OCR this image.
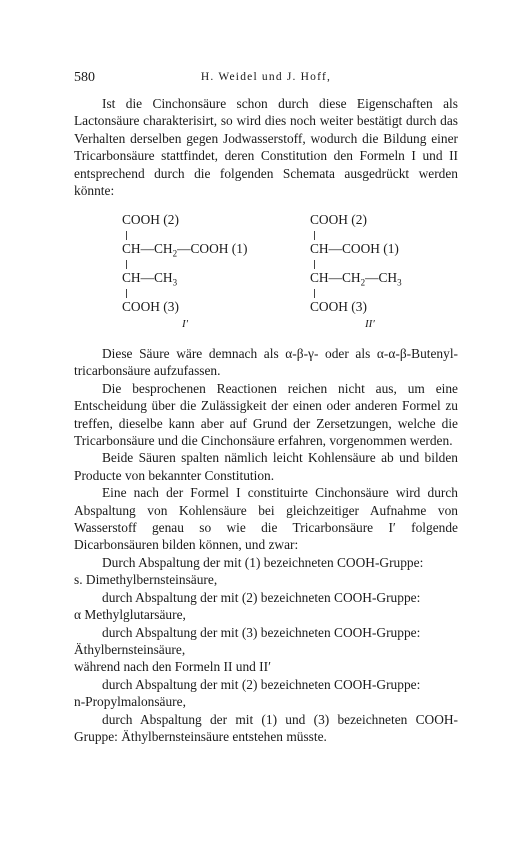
580	H. Weidel und J. Hoff,

Ist die Cinchonsäure schon durch diese Eigenschaften als Lactonsäure charakterisirt, so wird dies noch weiter bestätigt durch das Verhalten derselben gegen Jodwasserstoff, wodurch die Bildung einer Tricarbonsäure stattfindet, deren Constitution den Formeln I und II entsprechend durch die folgenden Schemata ausgedrückt werden könnte:

COOH (2)
$CH—CH_2—COOH$ (1)
$CH—CH_3$
COOH (3)
I′
COOH (2)
CH—COOH (1)
$CH—CH_2—CH_3$
COOH (3)
II′

Diese Säure wäre demnach als α-β-γ- oder als α-α-β-Butenyl-tricarbonsäure aufzufassen.

Die besprochenen Reactionen reichen nicht aus, um eine Entscheidung über die Zulässigkeit der einen oder anderen Formel zu treffen, dieselbe kann aber auf Grund der Zersetzungen, welche die Tricarbonsäure und die Cinchonsäure erfahren, vorgenommen werden.

Beide Säuren spalten nämlich leicht Kohlensäure ab und bilden Producte von bekannter Constitution.

Eine nach der Formel I constituirte Cinchonsäure wird durch Abspaltung von Kohlensäure bei gleichzeitiger Aufnahme von Wasserstoff genau so wie die Tricarbonsäure I′ folgende Dicarbonsäuren bilden können, und zwar:

Durch Abspaltung der mit (1) bezeichneten COOH-Gruppe:

s. Dimethylbernsteinsäure,

durch Abspaltung der mit (2) bezeichneten COOH-Gruppe:

α Methylglutarsäure,

durch Abspaltung der mit (3) bezeichneten COOH-Gruppe:

Äthylbernsteinsäure,

während nach den Formeln II und II′

durch Abspaltung der mit (2) bezeichneten COOH-Gruppe:

n-Propylmalonsäure,

durch Abspaltung der mit (1) und (3) bezeichneten COOH-Gruppe: Äthylbernsteinsäure entstehen müsste.
